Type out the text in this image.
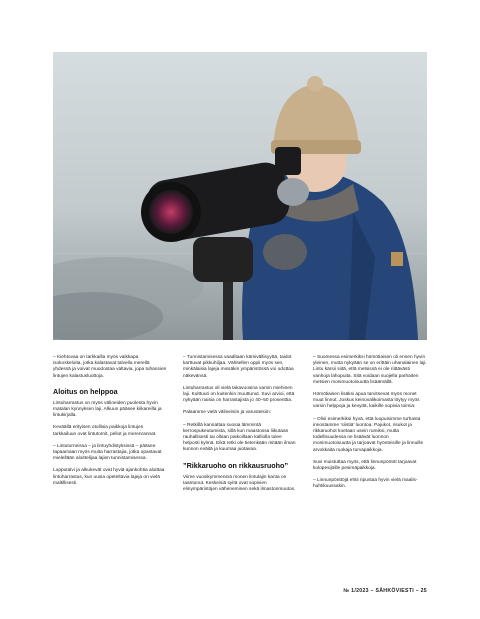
– Kiehtovaa on tarkkailla myös vaikkapa isokoskeloita, jotka kalastavat talvella merellä yhdessä ja voivat muodostaa valtavia, jopa tuhansien lintujen kalastusluottoja.

Aloitus on helppoa

Lintuharrastus on myös välineiden puolesta hyvin matalan kynnyksen laji. Alkuun pääsee kiikareilla ja lintukirjalla.

Keväällä erityisen otollisia paikkoja lintujen tarkkailuun ovat lintutornit, pellot ja merenrannat.

– Lintutorneissa – ja lintuyhdistyksissä – pääsee tapaamaan myös muita harrastajia, jotka opastavat mielellään aloittelijaa lajien tunnistamisessa.

Lopputalvi ja alkukevät ovat hyviä ajankohtia aloittaa lintuharrastus, kun uusia opeteltavia lajeja on vielä maltillisesti.

– Tunnistamisessa vaaditaan kärsivällisyyttä, taidot karttuvat pikkuhiljaa. Vähitellen oppii myös sen, minkälaisia lajeja missäkin ympäristössä voi odottaa näkevänsä.

Lintuharrastus oli vielä takavuosina varsin miehinen laji. Kulttuuri on kuitenkin muuttunut. Suvi arvioi, että nykyään naisia on harrastajista jo 40–50 prosenttia.

Palaamme vielä välineisiin ja varusteisiin:

– Retkillä kannattaa suosia lämmintä kerrospukeutumista, sillä kun maastossa liikutaan rauhallisesti tai ollaan paikoillaan kalliolla tulee helposti kylmä. Eikä retki ole tietenkään mitään ilman kunnon eväitä ja kuumaa juotavaa.

”Rikkaruoho on rikkausruoho”

Viime vuosikymmeninä monen lintulajin kanta on taantunut. Keskeisiä syitä ovat sopivien elinympäristöjen väheneminen sekä ilmastonmuutos.

– Suomessa esimerkiksi hömötiaisen oli ennen hyvin yleinen, mutta nykyään se on erittäin uhanalainen laji. Lintu kärsii siitä, että metsissä ei ole riittävästi vanhoja lahopuita. Sitä voidaan suojella parhaiten metsien monimuotoisuutta lisäämällä.

Hömötiaisen lisäksi apua tarvitsevat myös monet muut linnut. Joskus keinovalikoimasta löytyy myös varsin helppoja ja kevyitä, kaikille sopivia toimia:

– Olisi esimerkiksi hyvä, että luopuisimme turhasta innostamme ’siistiä’ luontoa. Pajukot, risukot ja rikkaruohot koetaan usein rumiksi, mutta todellisuudessa ne lisäävät luonnon monimuotoisuutta ja tarjoavat hyönteisille ja linnuille arvokkaita ruokaja turvapaikkoja.

Suvi muistuttaa myös, että linnunpöntöt tarjoavat kolopesijöille pesimäpaikkoja.

– Linnunpönttöjä ehtii ripustaa hyvin vielä maalis-huhtikuussakin.

№ 1/2023 – SÄHKÖVIESTI – 25
